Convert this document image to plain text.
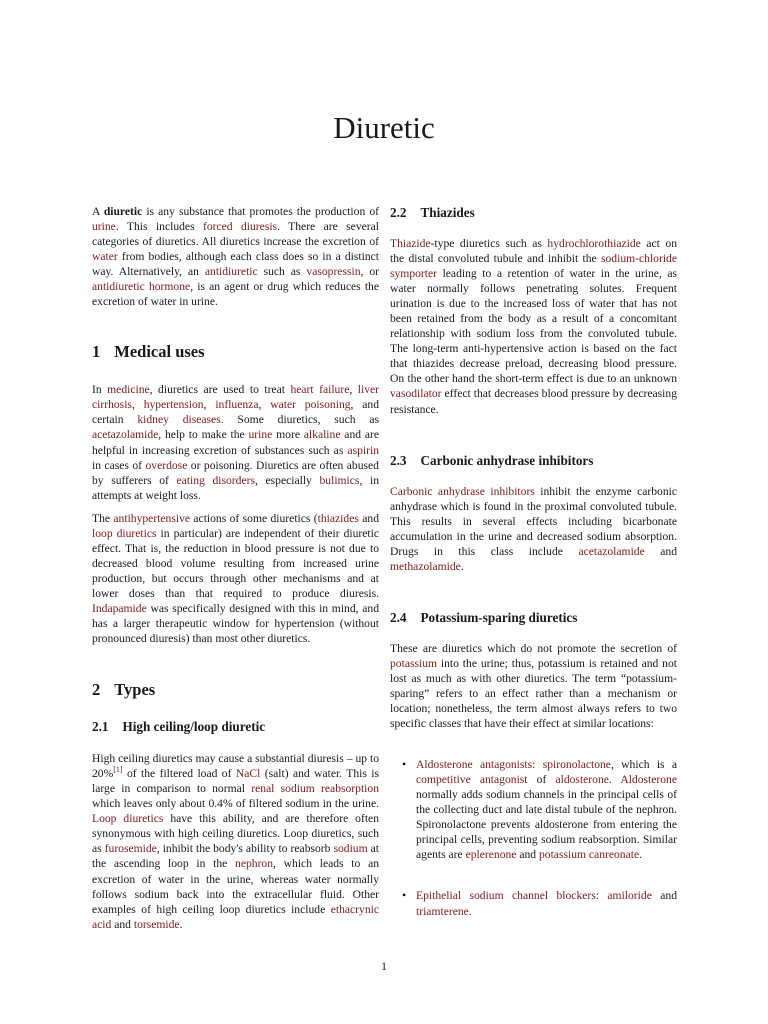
Diuretic

A diuretic is any substance that promotes the production of urine. This includes forced diuresis. There are several categories of diuretics. All diuretics increase the excretion of water from bodies, although each class does so in a distinct way. Alternatively, an antidiuretic such as vasopressin, or antidiuretic hormone, is an agent or drug which reduces the excretion of water in urine.

1 Medical uses

In medicine, diuretics are used to treat heart failure, liver cirrhosis, hypertension, influenza, water poisoning, and certain kidney diseases. Some diuretics, such as acetazolamide, help to make the urine more alkaline and are helpful in increasing excretion of substances such as aspirin in cases of overdose or poisoning. Diuretics are often abused by sufferers of eating disorders, especially bulimics, in attempts at weight loss.

The antihypertensive actions of some diuretics (thiazides and loop diuretics in particular) are independent of their diuretic effect. That is, the reduction in blood pressure is not due to decreased blood volume resulting from increased urine production, but occurs through other mechanisms and at lower doses than that required to produce diuresis. Indapamide was specifically designed with this in mind, and has a larger therapeutic window for hypertension (without pronounced diuresis) than most other diuretics.

2 Types
2.1 High ceiling/loop diuretic

High ceiling diuretics may cause a substantial diuresis – up to 20%[1] of the filtered load of NaCl (salt) and water. This is large in comparison to normal renal sodium reabsorption which leaves only about 0.4% of filtered sodium in the urine. Loop diuretics have this ability, and are therefore often synonymous with high ceiling diuretics. Loop diuretics, such as furosemide, inhibit the body's ability to reabsorb sodium at the ascending loop in the nephron, which leads to an excretion of water in the urine, whereas water normally follows sodium back into the extracellular fluid. Other examples of high ceiling loop diuretics include ethacrynic acid and torsemide.

2.2 Thiazides

Thiazide-type diuretics such as hydrochlorothiazide act on the distal convoluted tubule and inhibit the sodium-chloride symporter leading to a retention of water in the urine, as water normally follows penetrating solutes. Frequent urination is due to the increased loss of water that has not been retained from the body as a result of a concomitant relationship with sodium loss from the convoluted tubule. The long-term anti-hypertensive action is based on the fact that thiazides decrease preload, decreasing blood pressure. On the other hand the short-term effect is due to an unknown vasodilator effect that decreases blood pressure by decreasing resistance.

2.3 Carbonic anhydrase inhibitors

Carbonic anhydrase inhibitors inhibit the enzyme carbonic anhydrase which is found in the proximal convoluted tubule. This results in several effects including bicarbonate accumulation in the urine and decreased sodium absorption. Drugs in this class include acetazolamide and methazolamide.

2.4 Potassium-sparing diuretics

These are diuretics which do not promote the secretion of potassium into the urine; thus, potassium is retained and not lost as much as with other diuretics. The term “potassium-sparing” refers to an effect rather than a mechanism or location; nonetheless, the term almost always refers to two specific classes that have their effect at similar locations:

• Aldosterone antagonists: spironolactone, which is a competitive antagonist of aldosterone. Aldosterone normally adds sodium channels in the principal cells of the collecting duct and late distal tubule of the nephron. Spironolactone prevents aldosterone from entering the principal cells, preventing sodium reabsorption. Similar agents are eplerenone and potassium canreonate.
• Epithelial sodium channel blockers: amiloride and triamterene.
1
